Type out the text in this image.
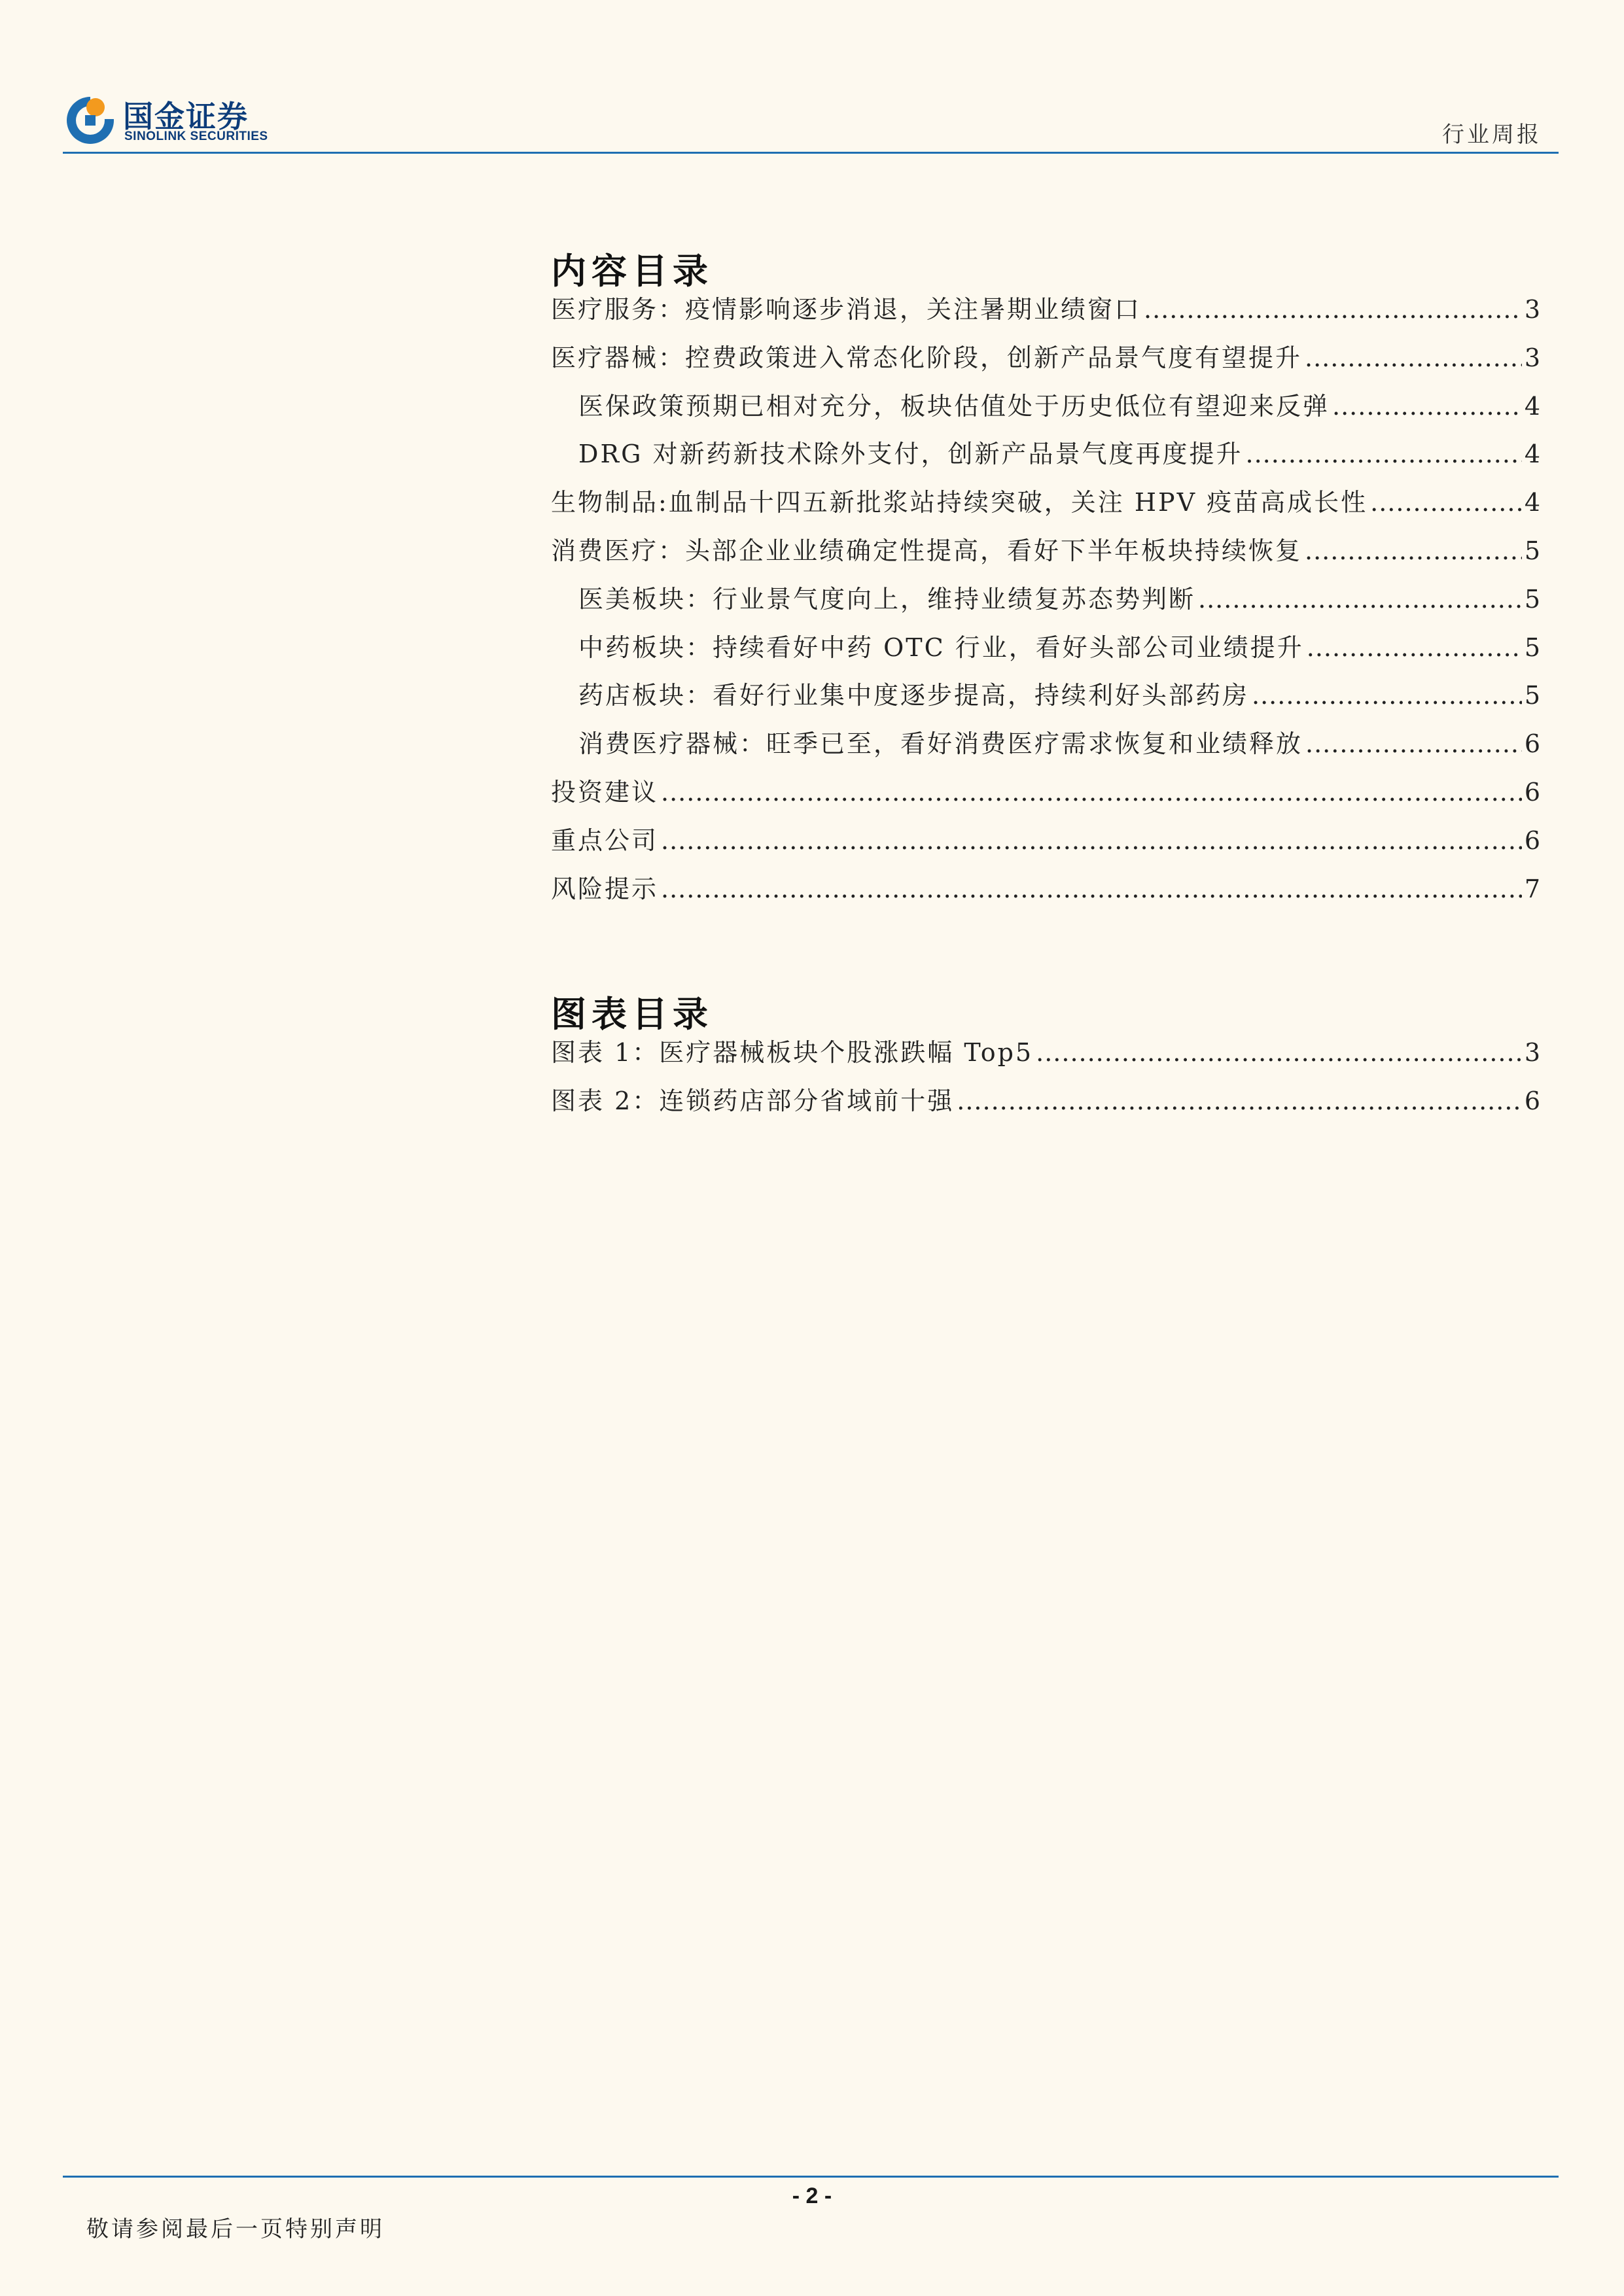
国金证券
SINOLINK SECURITIES	行业周报
内容目录
医疗服务：疫情影响逐步消退，关注暑期业绩窗口 .....	3
医疗器械：控费政策进入常态化阶段，创新产品景气度有望提升 .....	3
医保政策预期已相对充分，板块估值处于历史低位有望迎来反弹 .....	4
DRG 对新药新技术除外支付，创新产品景气度再度提升 .....	4
生物制品:血制品十四五新批浆站持续突破，关注 HPV 疫苗高成长性 .....	4
消费医疗：头部企业业绩确定性提高，看好下半年板块持续恢复 .....	5
医美板块：行业景气度向上，维持业绩复苏态势判断 .....	5
中药板块：持续看好中药 OTC 行业，看好头部公司业绩提升 .....	5
药店板块：看好行业集中度逐步提高，持续利好头部药房 .....	5
消费医疗器械：旺季已至，看好消费医疗需求恢复和业绩释放 .....	6
投资建议 .....	6
重点公司 .....	6
风险提示 .....	7
图表目录
图表 1：医疗器械板块个股涨跌幅 Top5 .....	3
图表 2：连锁药店部分省域前十强 .....	6
- 2 -
敬请参阅最后一页特别声明
